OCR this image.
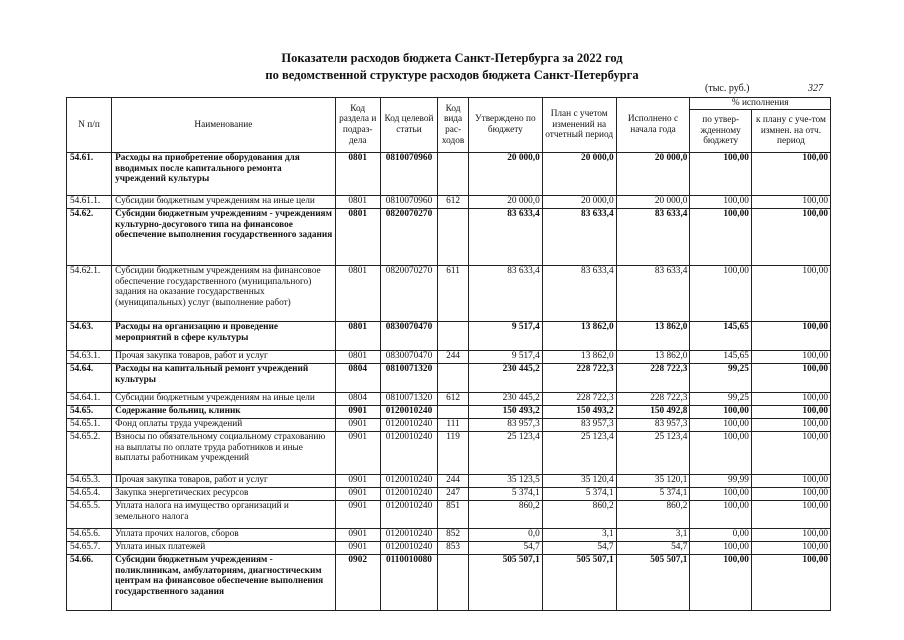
Показатели расходов бюджета Санкт-Петербурга за 2022 год
по ведомственной структуре расходов бюджета Санкт-Петербурга
(тыс. руб.)	327
N п/п	Наименование	Код раздела и подраз-дела	Код целевой статьи	Код вида рас-ходов	Утверждено по бюджету	План с учетом изменений на отчетный период	Исполнено с начала года	% исполнения	
								по утвер-жденному бюджету	к плану с уче-том измнен. на отч. период
54.61.	Расходы на приобретение оборудования для вводимых после капитального ремонта учреждений культуры	0801	0810070960		20 000,0	20 000,0	20 000,0	100,00	100,00
54.61.1.	Субсидии бюджетным учреждениям на иные цели	0801	0810070960	612	20 000,0	20 000,0	20 000,0	100,00	100,00
54.62.	Субсидии бюджетным учреждениям - учреждениям культурно-досугового типа на финансовое обеспечение выполнения государственного задания	0801	0820070270		83 633,4	83 633,4	83 633,4	100,00	100,00
54.62.1.	Субсидии бюджетным учреждениям на финансовое обеспечение государственного (муниципального) задания на оказание государственных (муниципальных) услуг (выполнение работ)	0801	0820070270	611	83 633,4	83 633,4	83 633,4	100,00	100,00
54.63.	Расходы на организацию и проведение мероприятий в сфере культуры	0801	0830070470		9 517,4	13 862,0	13 862,0	145,65	100,00
54.63.1.	Прочая закупка товаров, работ и услуг	0801	0830070470	244	9 517,4	13 862,0	13 862,0	145,65	100,00
54.64.	Расходы на капитальный ремонт учреждений культуры	0804	0810071320		230 445,2	228 722,3	228 722,3	99,25	100,00
54.64.1.	Субсидии бюджетным учреждениям на иные цели	0804	0810071320	612	230 445,2	228 722,3	228 722,3	99,25	100,00
54.65.	Содержание больниц, клиник	0901	0120010240		150 493,2	150 493,2	150 492,8	100,00	100,00
54.65.1.	Фонд оплаты труда учреждений	0901	0120010240	111	83 957,3	83 957,3	83 957,3	100,00	100,00
54.65.2.	Взносы по обязательному социальному страхованию на выплаты по оплате труда работников и иные выплаты работникам учреждений	0901	0120010240	119	25 123,4	25 123,4	25 123,4	100,00	100,00
54.65.3.	Прочая закупка товаров, работ и услуг	0901	0120010240	244	35 123,5	35 120,4	35 120,1	99,99	100,00
54.65.4.	Закупка энергетических ресурсов	0901	0120010240	247	5 374,1	5 374,1	5 374,1	100,00	100,00
54.65.5.	Уплата налога на имущество организаций и земельного налога	0901	0120010240	851	860,2	860,2	860,2	100,00	100,00
54.65.6.	Уплата прочих налогов, сборов	0901	0120010240	852	0,0	3,1	3,1	0,00	100,00
54.65.7.	Уплата иных платежей	0901	0120010240	853	54,7	54,7	54,7	100,00	100,00
54.66.	Субсидии бюджетным учреждениям - поликлиникам, амбулаториям, диагностическим центрам на финансовое обеспечение выполнения государственного задания	0902	0110010080		505 507,1	505 507,1	505 507,1	100,00	100,00
